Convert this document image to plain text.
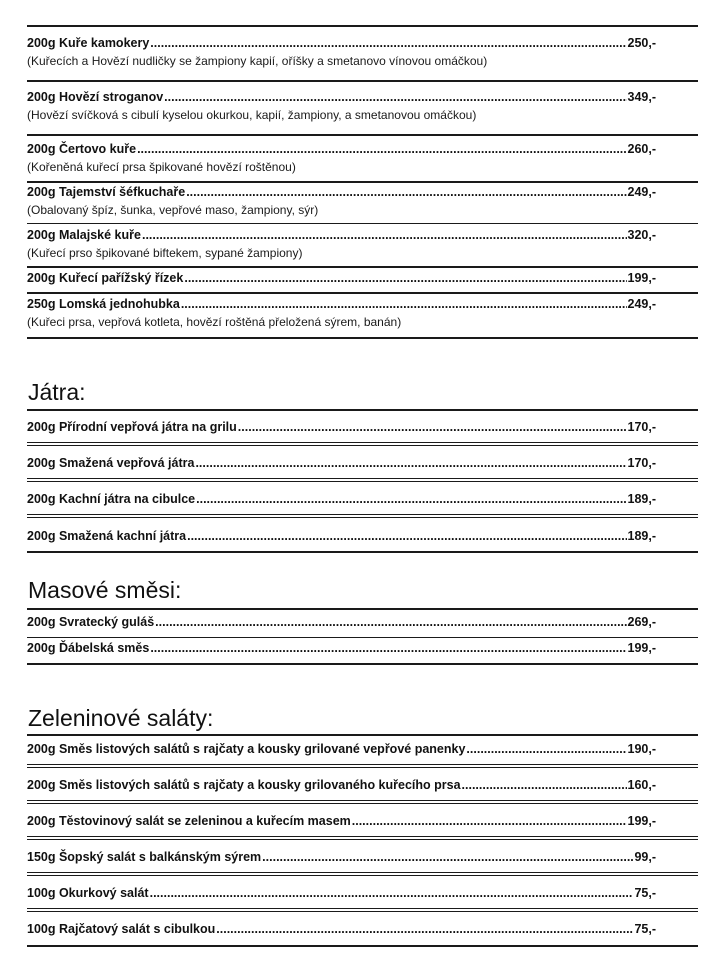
200g Kuře kamokery .....	250,-
(Kuřecích a Hovězí nudličky se žampiony kapií, oříšky a smetanovo vínovou omáčkou)
200g Hovězí stroganov .....	349,-
(Hovězí svíčková s cibulí kyselou okurkou, kapií, žampiony, a smetanovou omáčkou)
200g Čertovo kuře .....	260,-
(Kořeněná kuřecí prsa špikované hovězí roštěnou)
200g Tajemství šéfkuchaře .....	249,-
(Obalovaný špíz, šunka, vepřové maso, žampiony, sýr)
200g Malajské kuře .....	320,-
(Kuřecí prso špikované biftekem, sypané žampiony)
200g Kuřecí pařížský řízek .....	199,-
250g Lomská jednohubka .....	249,-
(Kuřeci prsa, vepřová kotleta, hovězí roštěná přeložená sýrem, banán)
Játra:
200g Přírodní vepřová játra na grilu .....	170,-
200g Smažená vepřová játra .....	170,-
200g Kachní játra na cibulce .....	189,-
200g Smažená kachní játra .....	189,-
Masové směsi:
200g Svratecký guláš .....	269,-
200g Ďábelská směs .....	199,-
Zeleninové saláty:
200g Směs listových salátů s rajčaty a kousky grilované vepřové panenky .....	190,-
200g Směs listových salátů s rajčaty a kousky grilovaného kuřecího prsa .....	160,-
200g Těstovinový salát se zeleninou a kuřecím masem .....	199,-
150g Šopský salát s balkánským sýrem .....	99,-
100g Okurkový salát .....	75,-
100g Rajčatový salát s cibulkou .....	75,-
